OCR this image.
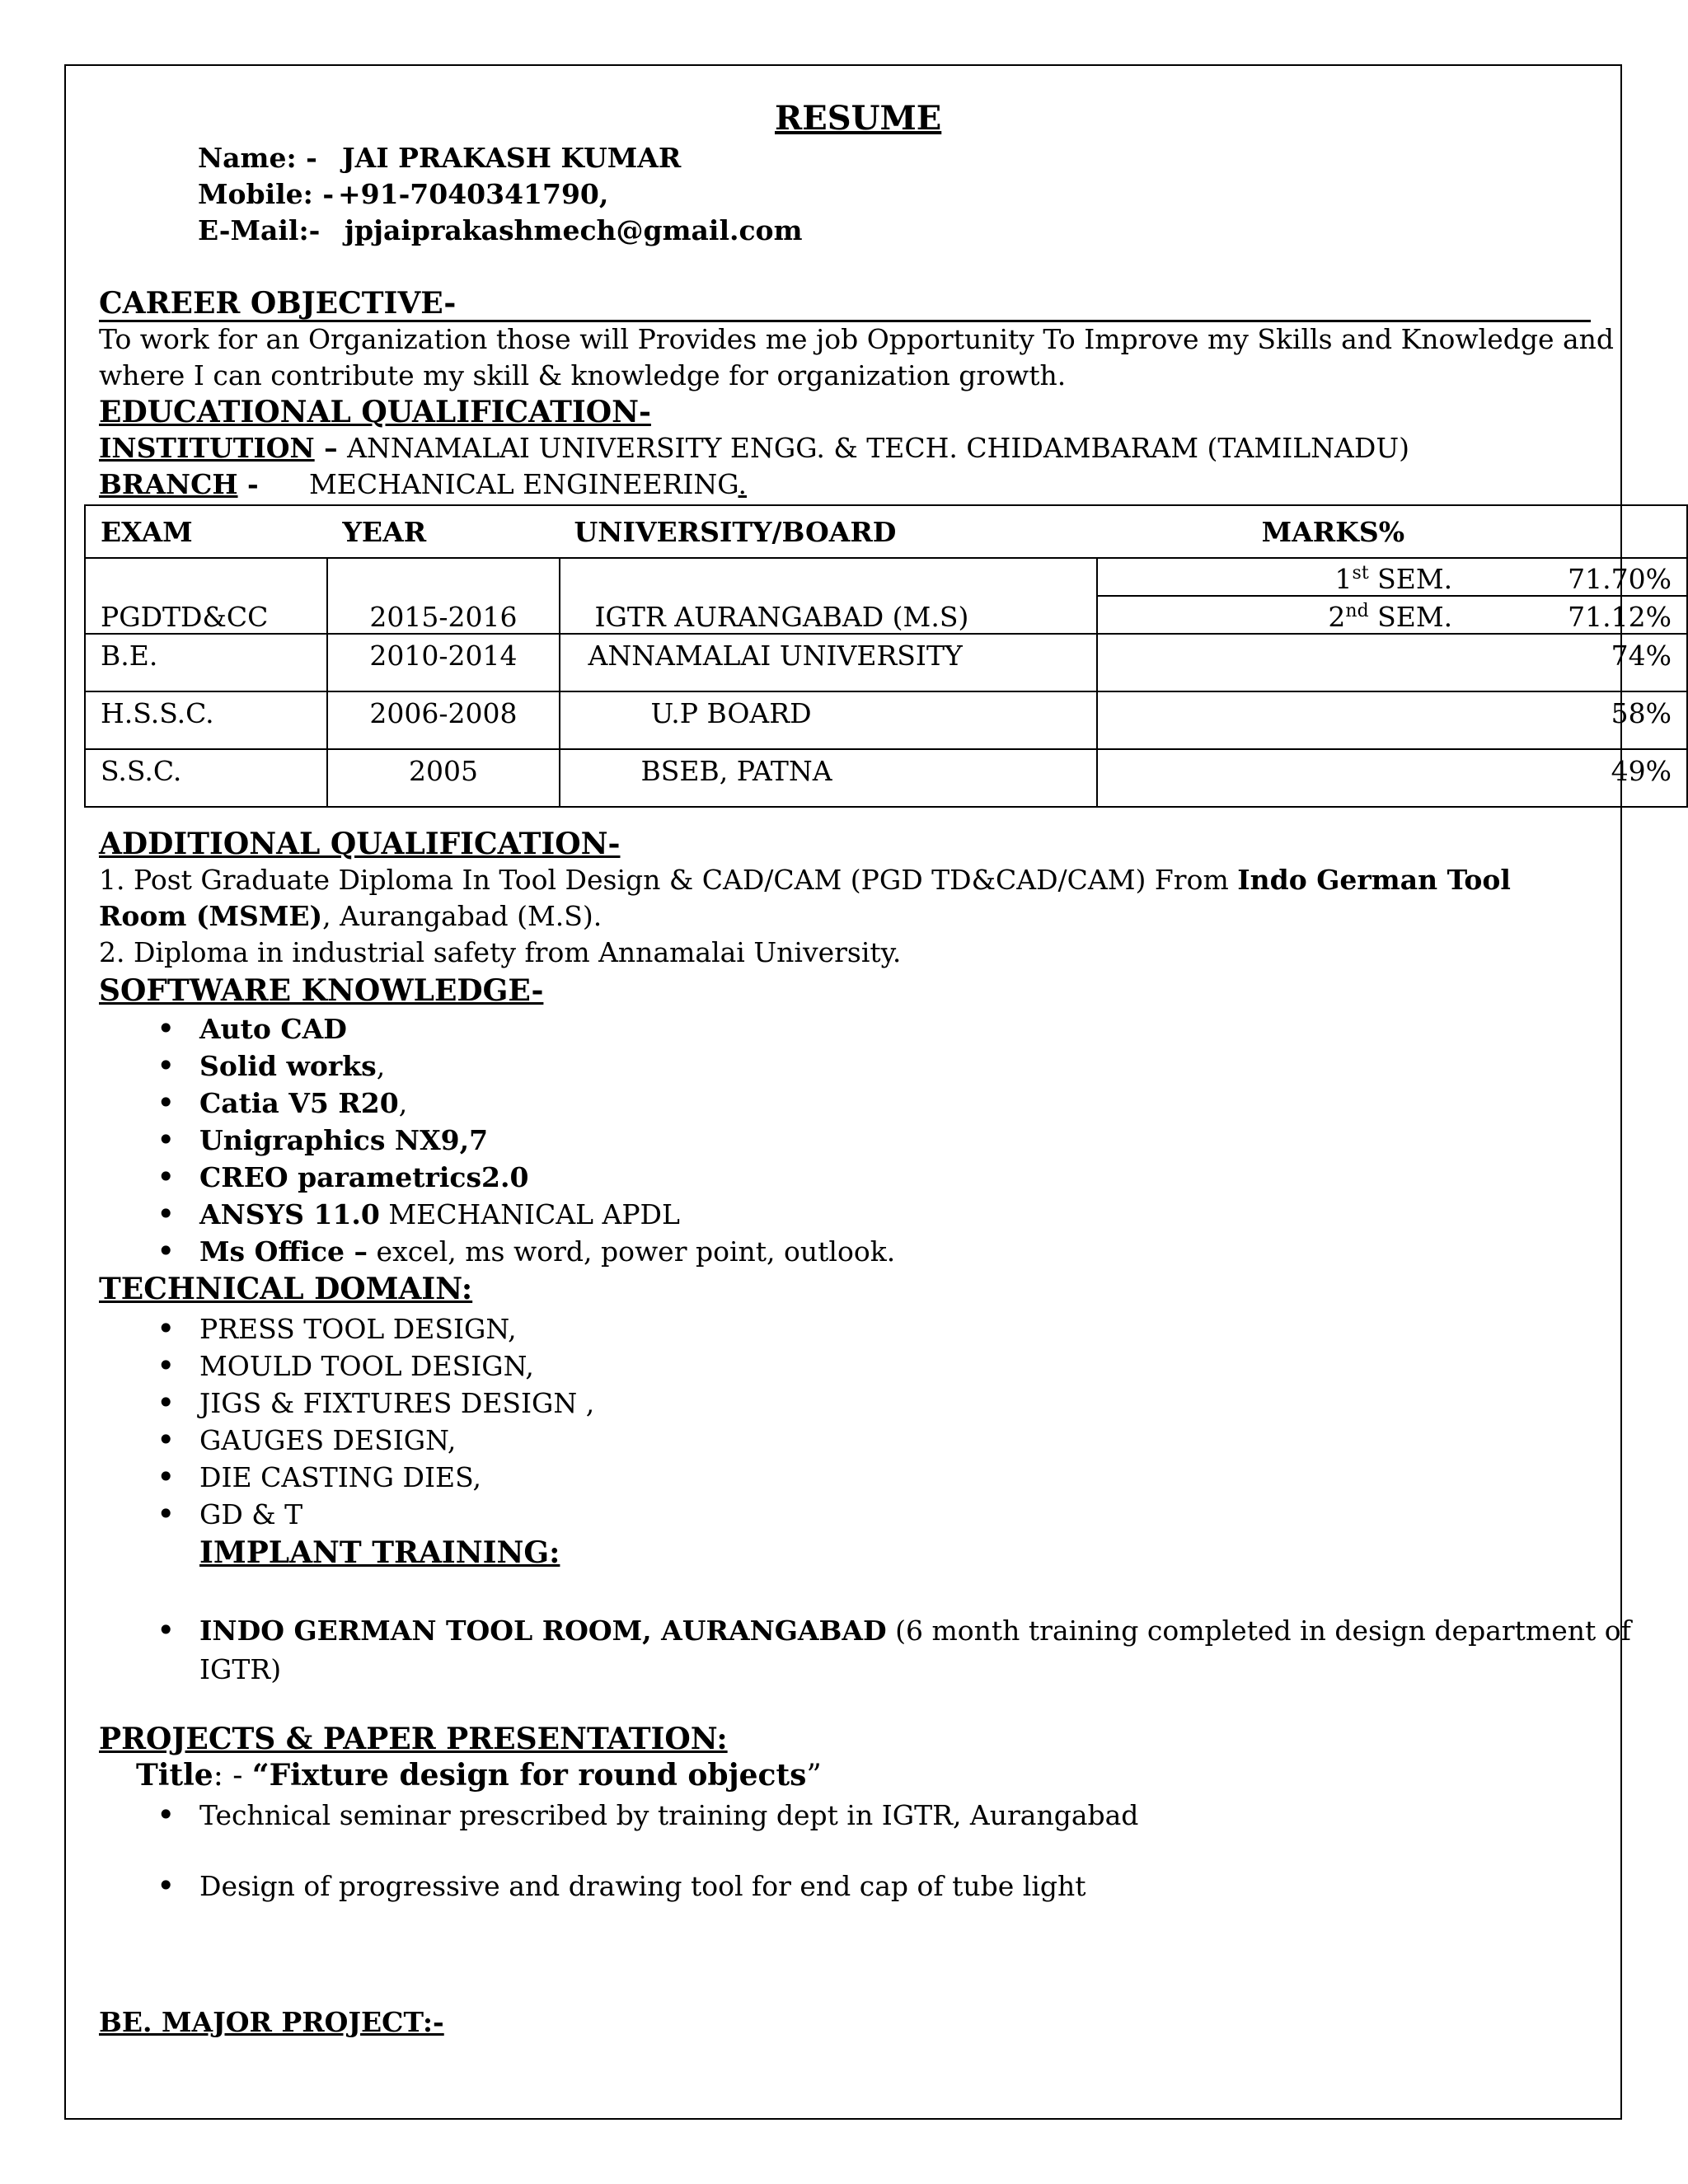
RESUME
Name: - JAI PRAKASH KUMAR
Mobile: - +91-7040341790,
E-Mail:- jpjaiprakashmech@gmail.com
CAREER OBJECTIVE-
To work for an Organization those will Provides me job Opportunity To Improve my Skills and Knowledge and
where I can contribute my skill & knowledge for organization growth.
EDUCATIONAL QUALIFICATION-
INSTITUTION – ANNAMALAI UNIVERSITY ENGG. & TECH. CHIDAMBARAM (TAMILNADU)
BRANCH - MECHANICAL ENGINEERING.
EXAM	YEAR	UNIVERSITY/BOARD	MARKS%
PGDTD&CC	2015-2016	IGTR AURANGABAD (M.S)	1st SEM. 71.70%
2nd SEM. 71.12%

B.E.	2010-2014	ANNAMALAI UNIVERSITY	74%
H.S.S.C.	2006-2008	U.P BOARD	58%
S.S.C.	2005	BSEB, PATNA	49%
ADDITIONAL QUALIFICATION-
1. Post Graduate Diploma In Tool Design & CAD/CAM (PGD TD&CAD/CAM) From Indo German Tool
Room (MSME), Aurangabad (M.S).
2. Diploma in industrial safety from Annamalai University.
SOFTWARE KNOWLEDGE-
• Auto CAD
• Solid works,
• Catia V5 R20,
• Unigraphics NX9,7
• CREO parametrics2.0
• ANSYS 11.0 MECHANICAL APDL
• Ms Office – excel, ms word, power point, outlook.
TECHNICAL DOMAIN:
• PRESS TOOL DESIGN,
• MOULD TOOL DESIGN,
• JIGS & FIXTURES DESIGN ,
• GAUGES DESIGN,
• DIE CASTING DIES,
• GD & T
IMPLANT TRAINING:
• INDO GERMAN TOOL ROOM, AURANGABAD (6 month training completed in design department of
IGTR)
PROJECTS & PAPER PRESENTATION:
Title: - “Fixture design for round objects”
• Technical seminar prescribed by training dept in IGTR, Aurangabad
• Design of progressive and drawing tool for end cap of tube light
BE. MAJOR PROJECT:-
